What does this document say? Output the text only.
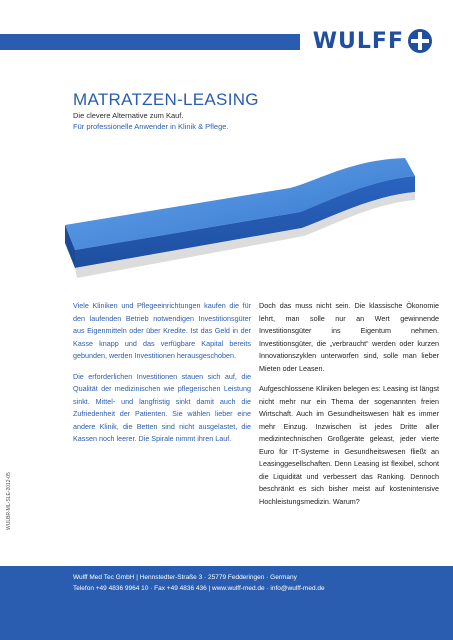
WULFF
MATRATZEN-LEASING
Die clevere Alternative zum Kauf.
Für professionelle Anwender in Klinik & Pflege.

Viele Kliniken und Pflegeeinrichtungen kaufen die für den laufenden Betrieb notwendigen Investitionsgüter aus Eigenmitteln oder über Kredite. Ist das Geld in der Kasse knapp und das verfügbare Kapital bereits gebunden, werden Investitionen herausgeschoben.

Die erforderlichen Investitionen stauen sich auf, die Qualität der medizinischen wie pflegerischen Leistung sinkt. Mittel- und langfristig sinkt damit auch die Zufriedenheit der Patienten. Sie wählen lieber eine andere Klinik, die Betten sind nicht ausgelastet, die Kassen noch leerer. Die Spirale nimmt ihren Lauf.

Doch das muss nicht sein. Die klassische Ökonomie lehrt, man solle nur an Wert gewinnende Investitionsgüter ins Eigentum nehmen. Investitionsgüter, die „verbraucht“ werden oder kurzen Innovationszyklen unterworfen sind, solle man lieber Mieten oder Leasen.

Aufgeschlossene Kliniken belegen es: Leasing ist längst nicht mehr nur ein Thema der sogenannten freien Wirtschaft. Auch im Gesundheitswesen hält es immer mehr Einzug. Inzwischen ist jedes Dritte aller medizintechnischen Großgeräte geleast, jeder vierte Euro für IT-Systeme in Gesundheitswesen fließt an Leasinggesellschaften. Denn Leasing ist flexibel, schont die Liquidität und verbessert das Ranking. Dennoch beschränkt es sich bisher meist auf kostenintensive Hochleistungsmedizin. Warum?

WULBR-ML-SLE-2012-05
Wulff Med Tec GmbH | Hennstedter-Straße 3 · 25779 Fedderingen · Germany
Telefon +49 4836 9964 10 · Fax +49 4836 436 | www.wulff-med.de · info@wulff-med.de
